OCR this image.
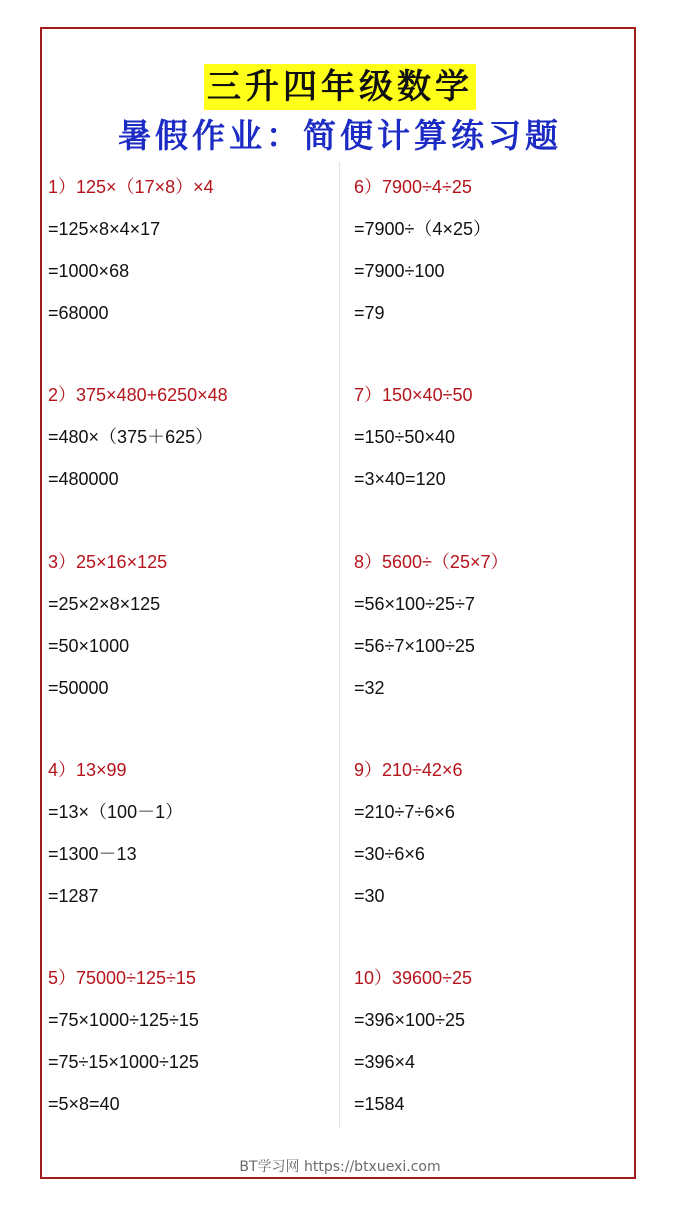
三升四年级数学
暑假作业：简便计算练习题
1）125×（17×8）×4
=125×8×4×17
=1000×68
=68000
2）375×480+6250×48
=480×（375＋625）
=480000
3）25×16×125
=25×2×8×125
=50×1000
=50000
4）13×99
=13×（100－1）
=1300－13
=1287
5）75000÷125÷15
=75×1000÷125÷15
=75÷15×1000÷125
=5×8=40
6）7900÷4÷25
=7900÷（4×25）
=7900÷100
=79
7）150×40÷50
=150÷50×40
=3×40=120
8）5600÷（25×7）
=56×100÷25÷7
=56÷7×100÷25
=32
9）210÷42×6
=210÷7÷6×6
=30÷6×6
=30
10）39600÷25
=396×100÷25
=396×4
=1584
BT学习网 https://btxuexi.com
